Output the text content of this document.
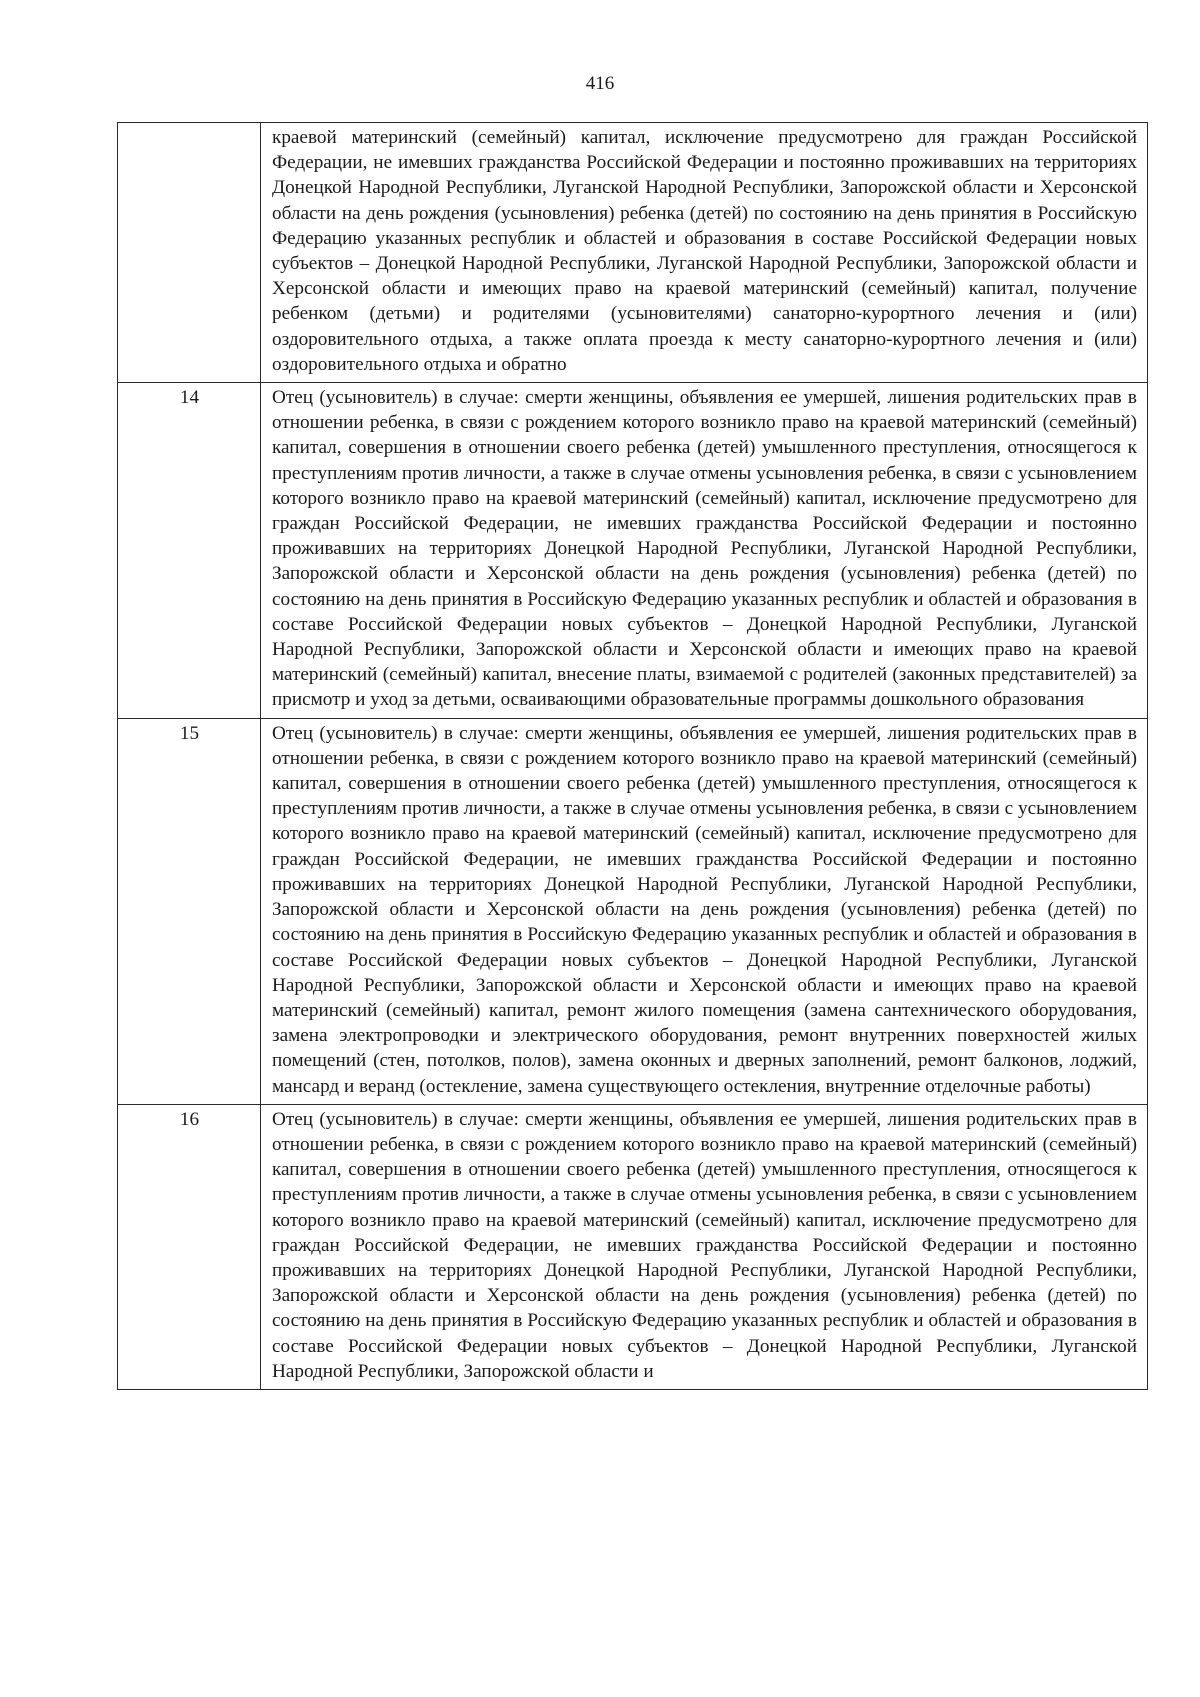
416
	краевой материнский (семейный) капитал, исключение предусмотрено для граждан Российской Федерации, не имевших гражданства Российской Федерации и постоянно проживавших на территориях Донецкой Народной Республики, Луганской Народной Республики, Запорожской области и Херсонской области на день рождения (усыновления) ребенка (детей) по состоянию на день принятия в Российскую Федерацию указанных республик и областей и образования в составе Российской Федерации новых субъектов – Донецкой Народной Республики, Луганской Народной Республики, Запорожской области и Херсонской области и имеющих право на краевой материнский (семейный) капитал, получение ребенком (детьми) и родителями (усыновителями) санаторно-курортного лечения и (или) оздоровительного отдыха, а также оплата проезда к месту санаторно-курортного лечения и (или) оздоровительного отдыха и обратно
14	Отец (усыновитель) в случае: смерти женщины, объявления ее умершей, лишения родительских прав в отношении ребенка, в связи с рождением которого возникло право на краевой материнский (семейный) капитал, совершения в отношении своего ребенка (детей) умышленного преступления, относящегося к преступлениям против личности, а также в случае отмены усыновления ребенка, в связи с усыновлением которого возникло право на краевой материнский (семейный) капитал, исключение предусмотрено для граждан Российской Федерации, не имевших гражданства Российской Федерации и постоянно проживавших на территориях Донецкой Народной Республики, Луганской Народной Республики, Запорожской области и Херсонской области на день рождения (усыновления) ребенка (детей) по состоянию на день принятия в Российскую Федерацию указанных республик и областей и образования в составе Российской Федерации новых субъектов – Донецкой Народной Республики, Луганской Народной Республики, Запорожской области и Херсонской области и имеющих право на краевой материнский (семейный) капитал, внесение платы, взимаемой с родителей (законных представителей) за присмотр и уход за детьми, осваивающими образовательные программы дошкольного образования
15	Отец (усыновитель) в случае: смерти женщины, объявления ее умершей, лишения родительских прав в отношении ребенка, в связи с рождением которого возникло право на краевой материнский (семейный) капитал, совершения в отношении своего ребенка (детей) умышленного преступления, относящегося к преступлениям против личности, а также в случае отмены усыновления ребенка, в связи с усыновлением которого возникло право на краевой материнский (семейный) капитал, исключение предусмотрено для граждан Российской Федерации, не имевших гражданства Российской Федерации и постоянно проживавших на территориях Донецкой Народной Республики, Луганской Народной Республики, Запорожской области и Херсонской области на день рождения (усыновления) ребенка (детей) по состоянию на день принятия в Российскую Федерацию указанных республик и областей и образования в составе Российской Федерации новых субъектов – Донецкой Народной Республики, Луганской Народной Республики, Запорожской области и Херсонской области и имеющих право на краевой материнский (семейный) капитал, ремонт жилого помещения (замена сантехнического оборудования, замена электропроводки и электрического оборудования, ремонт внутренних поверхностей жилых помещений (стен, потолков, полов), замена оконных и дверных заполнений, ремонт балконов, лоджий, мансард и веранд (остекление, замена существующего остекления, внутренние отделочные работы)
16	Отец (усыновитель) в случае: смерти женщины, объявления ее умершей, лишения родительских прав в отношении ребенка, в связи с рождением которого возникло право на краевой материнский (семейный) капитал, совершения в отношении своего ребенка (детей) умышленного преступления, относящегося к преступлениям против личности, а также в случае отмены усыновления ребенка, в связи с усыновлением которого возникло право на краевой материнский (семейный) капитал, исключение предусмотрено для граждан Российской Федерации, не имевших гражданства Российской Федерации и постоянно проживавших на территориях Донецкой Народной Республики, Луганской Народной Республики, Запорожской области и Херсонской области на день рождения (усыновления) ребенка (детей) по состоянию на день принятия в Российскую Федерацию указанных республик и областей и образования в составе Российской Федерации новых субъектов – Донецкой Народной Республики, Луганской Народной Республики, Запорожской области и
